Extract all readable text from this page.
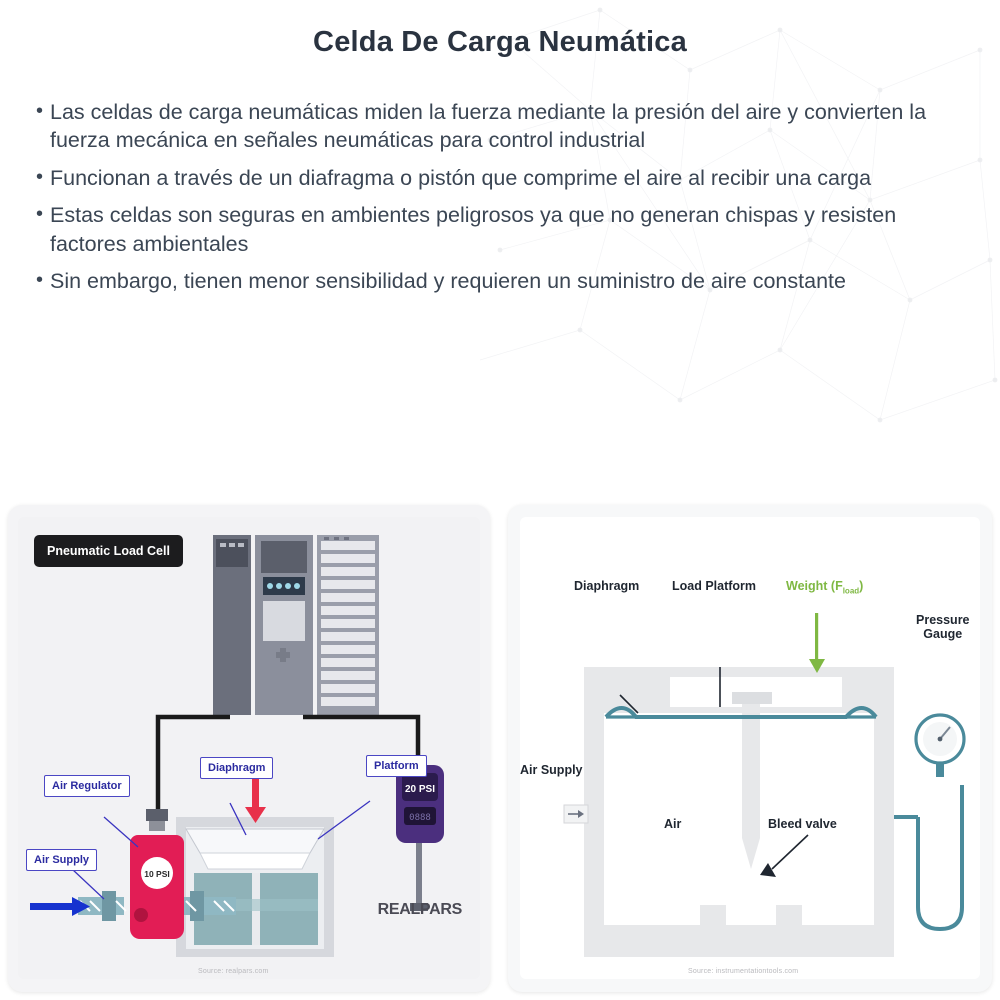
Celda De Carga Neumática
• Las celdas de carga neumáticas miden la fuerza mediante la presión del aire y convierten la fuerza mecánica en señales neumáticas para control industrial
• Funcionan a través de un diafragma o pistón que comprime el aire al recibir una carga
• Estas celdas son seguras en ambientes peligrosos ya que no generan chispas y resisten factores ambientales
• Sin embargo, tienen menor sensibilidad y requieren un suministro de aire constante
10 PSI
20 PSI
0888
Pneumatic Load Cell
Air Regulator
Diaphragm	Platform
Air Supply
REALPARS
Source: realpars.com
Diaphragm	Load Platform Weight $(F_{load})$
Pressure
Gauge
Air Supply
Air	Bleed valve
Source: instrumentationtools.com
